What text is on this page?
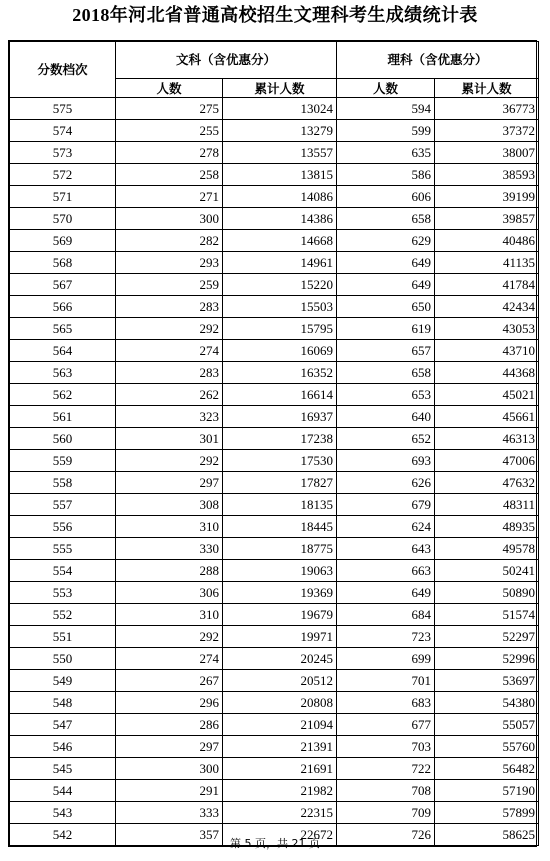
2018年河北省普通高校招生文理科考生成绩统计表
分数档次	文科（含优惠分）		理科（含优惠分）	
	人数	累计人数	人数	累计人数
575	275	13024	594	36773
574	255	13279	599	37372
573	278	13557	635	38007
572	258	13815	586	38593
571	271	14086	606	39199
570	300	14386	658	39857
569	282	14668	629	40486
568	293	14961	649	41135
567	259	15220	649	41784
566	283	15503	650	42434
565	292	15795	619	43053
564	274	16069	657	43710
563	283	16352	658	44368
562	262	16614	653	45021
561	323	16937	640	45661
560	301	17238	652	46313
559	292	17530	693	47006
558	297	17827	626	47632
557	308	18135	679	48311
556	310	18445	624	48935
555	330	18775	643	49578
554	288	19063	663	50241
553	306	19369	649	50890
552	310	19679	684	51574
551	292	19971	723	52297
550	274	20245	699	52996
549	267	20512	701	53697
548	296	20808	683	54380
547	286	21094	677	55057
546	297	21391	703	55760
545	300	21691	722	56482
544	291	21982	708	57190
543	333	22315	709	57899
542	357	22672	726	58625
第 5 页，共 21 页
